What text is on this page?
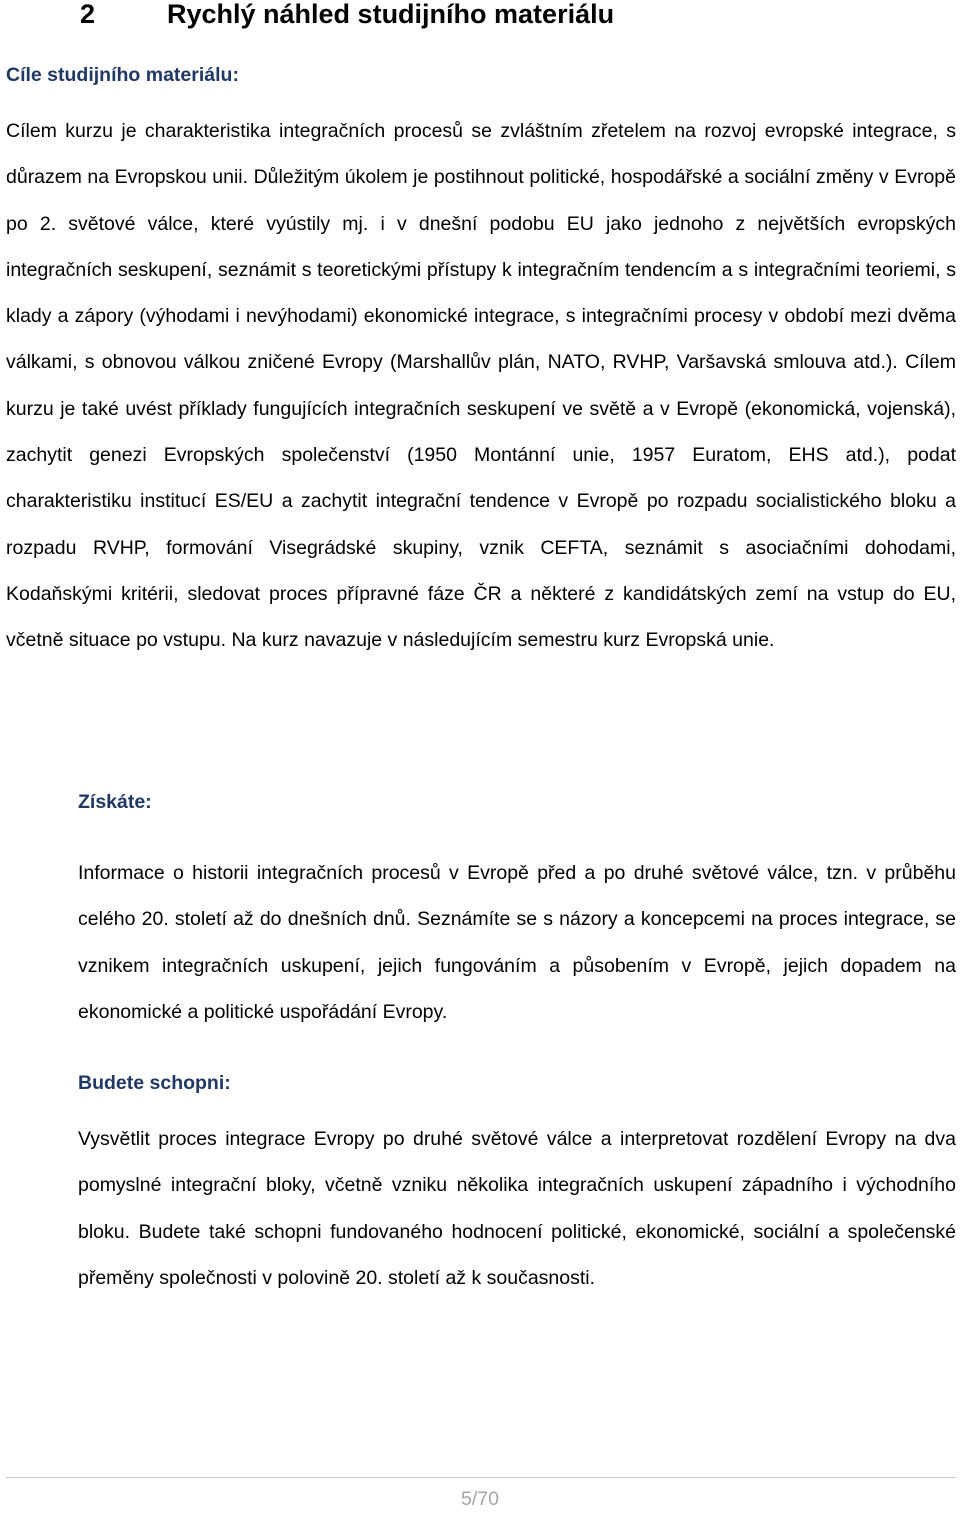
2	Rychlý náhled studijního materiálu
Cíle studijního materiálu:

Cílem kurzu je charakteristika integračních procesů se zvláštním zřetelem na rozvoj evropské integrace, s důrazem na Evropskou unii. Důležitým úkolem je postihnout politické, hospodářské a sociální změny v Evropě po 2. světové válce, které vyústily mj. i v dnešní podobu EU jako jednoho z největších evropských integračních seskupení, seznámit s teoretickými přístupy k integračním tendencím a s integračními teoriemi, s klady a zápory (výhodami i nevýhodami) ekonomické integrace, s integračními procesy v období mezi dvěma válkami, s obnovou válkou zničené Evropy (Marshallův plán, NATO, RVHP, Varšavská smlouva atd.). Cílem kurzu je také uvést příklady fungujících integračních seskupení ve světě a v Evropě (ekonomická, vojenská), zachytit genezi Evropských společenství (1950 Montánní unie, 1957 Euratom, EHS atd.), podat charakteristiku institucí ES/EU a zachytit integrační tendence v Evropě po rozpadu socialistického bloku a rozpadu RVHP, formování Visegrádské skupiny, vznik CEFTA, seznámit s asociačními dohodami, Kodaňskými kritérii, sledovat proces přípravné fáze ČR a některé z kandidátských zemí na vstup do EU, včetně situace po vstupu. Na kurz navazuje v následujícím semestru kurz Evropská unie.

Získáte:

Informace o historii integračních procesů v Evropě před a po druhé světové válce, tzn. v průběhu celého 20. století až do dnešních dnů. Seznámíte se s názory a koncepcemi na proces integrace, se vznikem integračních uskupení, jejich fungováním a působením v Evropě, jejich dopadem na ekonomické a politické uspořádání Evropy.

Budete schopni:

Vysvětlit proces integrace Evropy po druhé světové válce a interpretovat rozdělení Evropy na dva pomyslné integrační bloky, včetně vzniku několika integračních uskupení západního i východního bloku. Budete také schopni fundovaného hodnocení politické, ekonomické, sociální a společenské přeměny společnosti v polovině 20. století až k současnosti.

5/70
